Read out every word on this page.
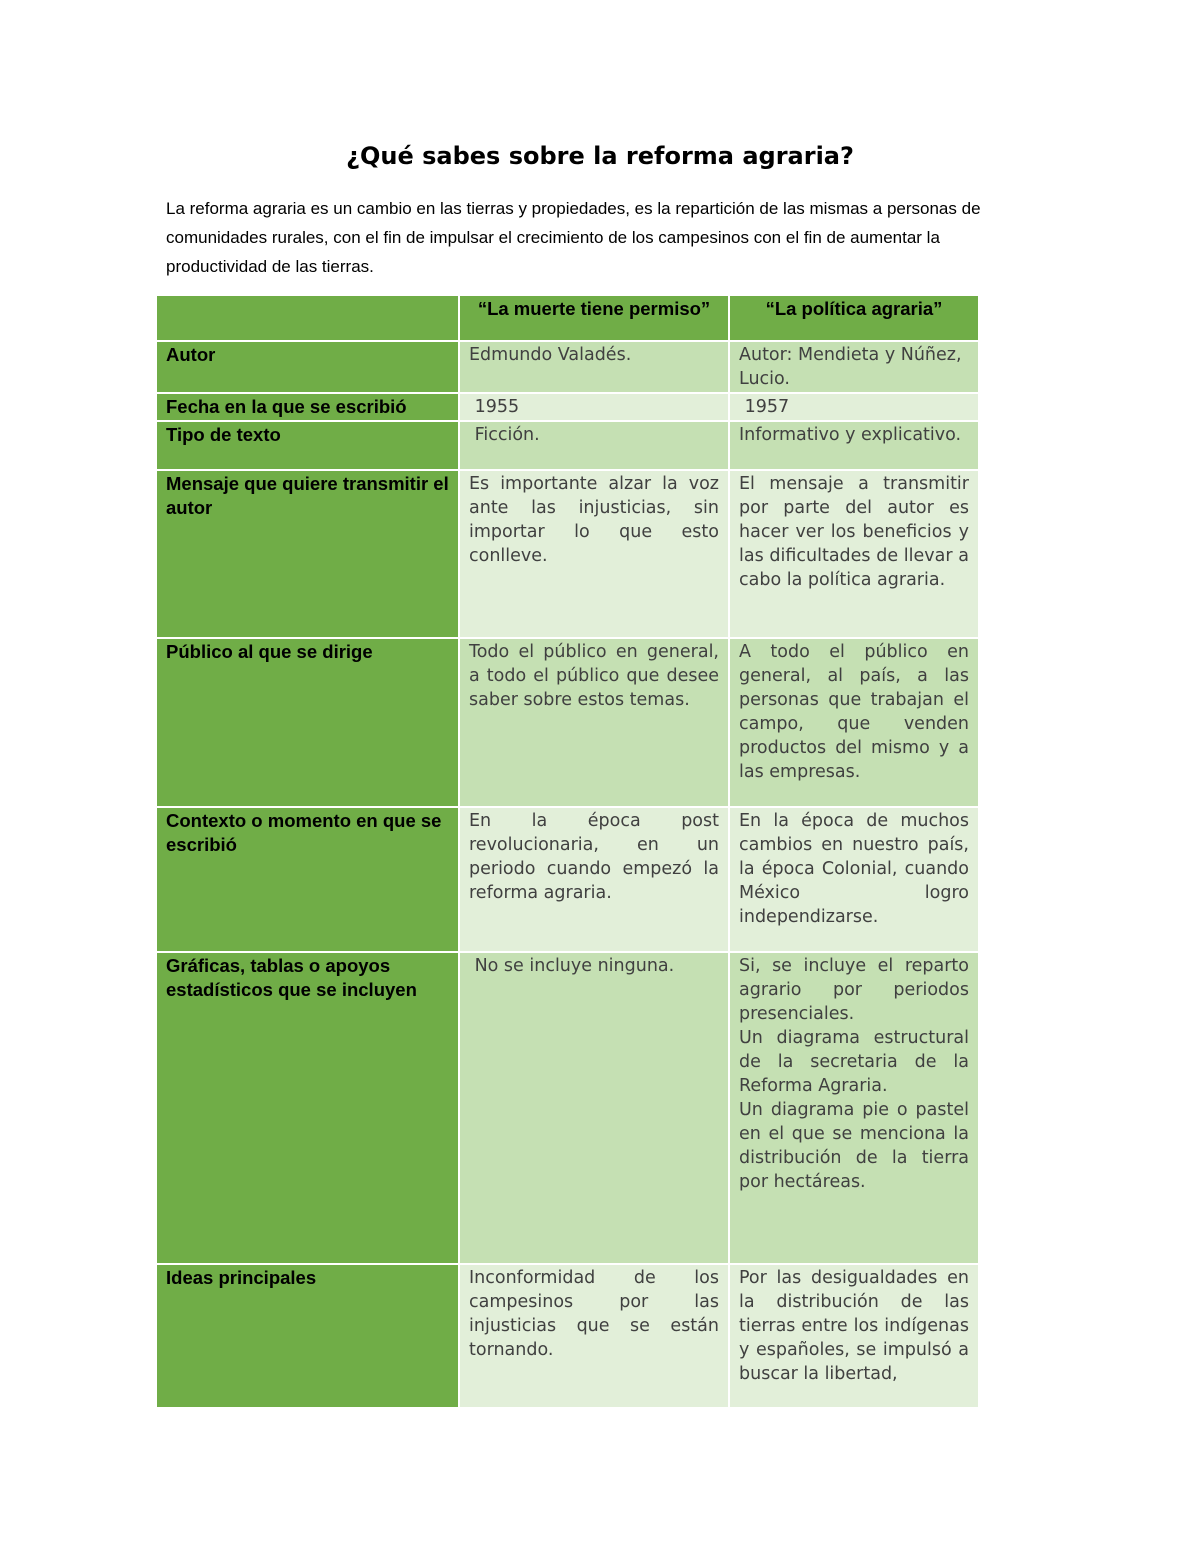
¿Qué sabes sobre la reforma agraria?

La reforma agraria es un cambio en las tierras y propiedades, es la repartición de las mismas a personas de comunidades rurales, con el fin de impulsar el crecimiento de los campesinos con el fin de aumentar la productividad de las tierras.

	“La muerte tiene permiso”	“La política agraria”
Autor	Edmundo Valadés.	Autor: Mendieta y Núñez, Lucio.
Fecha en la que se escribió	1955	1957
Tipo de texto	Ficción.	Informativo y explicativo.
Mensaje que quiere transmitir el autor	Es importante alzar la voz ante las injusticias, sin importar lo que esto conlleve.	El mensaje a transmitir por parte del autor es hacer ver los beneficios y las dificultades de llevar a cabo la política agraria.
Público al que se dirige	Todo el público en general, a todo el público que desee saber sobre estos temas.	A todo el público en general, al país, a las personas que trabajan el campo, que venden productos del mismo y a las empresas.
Contexto o momento en que se escribió	En la época post revolucionaria, en un periodo cuando empezó la reforma agraria.	En la época de muchos cambios en nuestro país, la época Colonial, cuando México logro independizarse.
Gráficas, tablas o apoyos estadísticos que se incluyen	No se incluye ninguna.	Si, se incluye el reparto agrario por periodos presenciales.
Un diagrama estructural de la secretaria de la Reforma Agraria.
Un diagrama pie o pastel en el que se menciona la distribución de la tierra por hectáreas.

Ideas principales	Inconformidad de los campesinos por las injusticias que se están tornando.	Por las desigualdades en la distribución de las tierras entre los indígenas y españoles, se impulsó a buscar la libertad,
